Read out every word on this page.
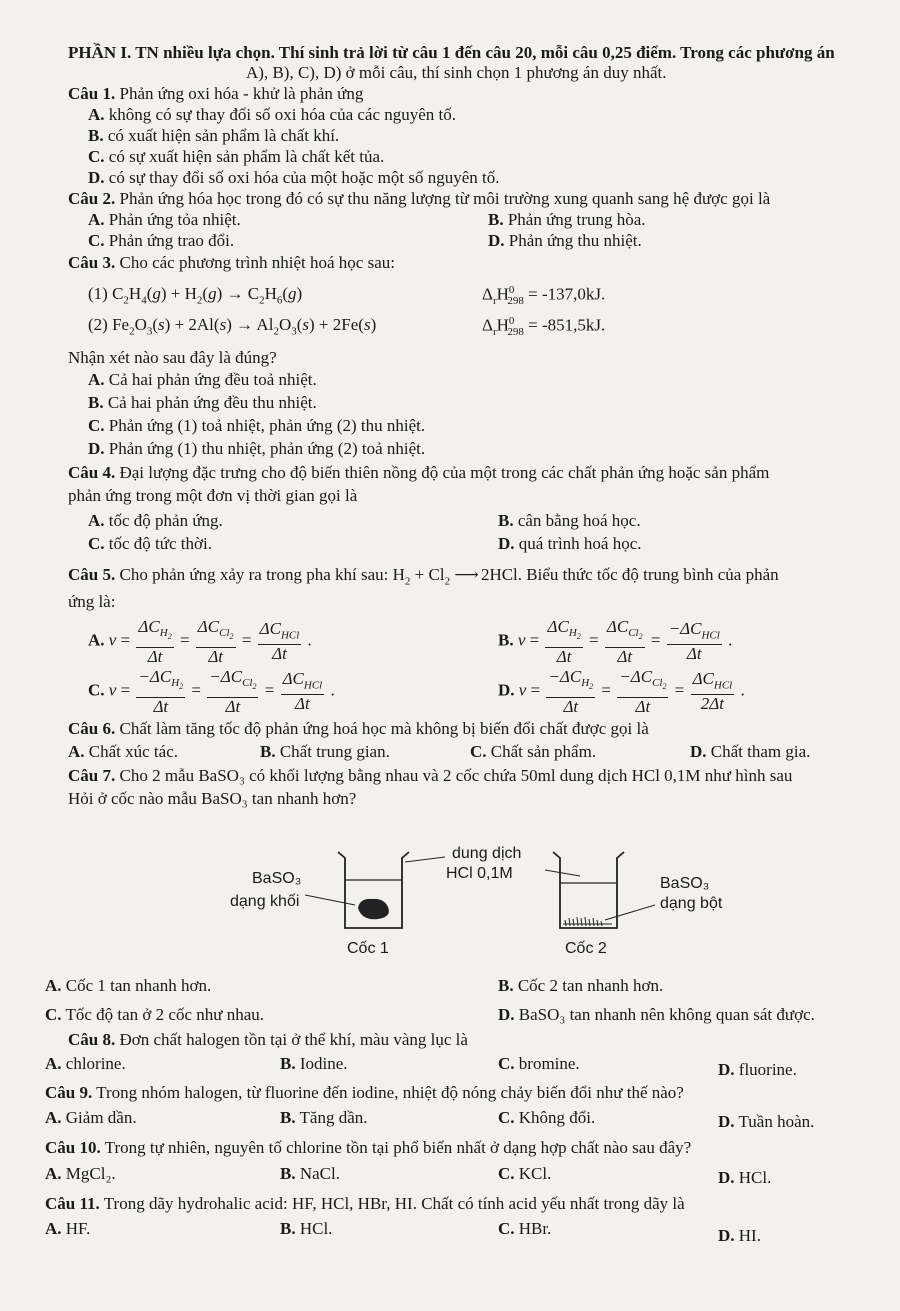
PHẦN I. TN nhiều lựa chọn. Thí sinh trả lời từ câu 1 đến câu 20, mỗi câu 0,25 điểm. Trong các phương án
A), B), C), D) ở mỗi câu, thí sinh chọn 1 phương án duy nhất.
Câu 1. Phản ứng oxi hóa - khử là phản ứng
A. không có sự thay đổi số oxi hóa của các nguyên tố.
B. có xuất hiện sản phẩm là chất khí.
C. có sự xuất hiện sản phẩm là chất kết tủa.
D. có sự thay đổi số oxi hóa của một hoặc một số nguyên tố.
Câu 2. Phản ứng hóa học trong đó có sự thu năng lượng từ môi trường xung quanh sang hệ được gọi là
A. Phản ứng tỏa nhiệt.	B. Phản ứng trung hòa.
C. Phản ứng trao đổi.	D. Phản ứng thu nhiệt.
Câu 3. Cho các phương trình nhiệt hoá học sau:
(1) $C_2H_4(g) + H_2(g) \to C_2H_6(g)$	$\Delta_rH^0_{298} = -137,0kJ$.
(2) $Fe_2O_3(s) + 2Al(s) \to Al_2O_3(s) + 2Fe(s)$	$\Delta_rH^0_{298} = -851,5kJ$.
Nhận xét nào sau đây là đúng?
A. Cả hai phản ứng đều toả nhiệt.
B. Cả hai phản ứng đều thu nhiệt.
C. Phản ứng (1) toả nhiệt, phản ứng (2) thu nhiệt.
D. Phản ứng (1) thu nhiệt, phản ứng (2) toả nhiệt.
Câu 4. Đại lượng đặc trưng cho độ biến thiên nồng độ của một trong các chất phản ứng hoặc sản phẩm
phản ứng trong một đơn vị thời gian gọi là
A. tốc độ phản ứng.	B. cân bằng hoá học.
C. tốc độ tức thời.	D. quá trình hoá học.
Câu 5. Cho phản ứng xảy ra trong pha khí sau: $H_2 + Cl_2$ ⟶ 2HCl. Biểu thức tốc độ trung bình của phản
ứng là:
A. $v = \frac{\Delta C_{H_2}}{\Delta t} = \frac{\Delta C_{Cl_2}}{\Delta t} = \frac{\Delta C_{HCl}}{\Delta t}$ .	B. $v = \frac{\Delta C_{H_2}}{\Delta t} = \frac{\Delta C_{Cl_2}}{\Delta t} = \frac{-\Delta C_{HCl}}{\Delta t}$ .
C. $v = \frac{-\Delta C_{H_2}}{\Delta t} = \frac{-\Delta C_{Cl_2}}{\Delta t} = \frac{\Delta C_{HCl}}{\Delta t}$ .	D. $v = \frac{-\Delta C_{H_2}}{\Delta t} = \frac{-\Delta C_{Cl_2}}{\Delta t} = \frac{\Delta C_{HCl}}{2\Delta t}$ .
Câu 6. Chất làm tăng tốc độ phản ứng hoá học mà không bị biến đổi chất được gọi là
A. Chất xúc tác.	B. Chất trung gian.	C. Chất sản phẩm.	D. Chất tham gia.
Câu 7. Cho 2 mẫu BaSO₃ có khối lượng bằng nhau và 2 cốc chứa 50ml dung dịch HCl 0,1M như hình sau
Hỏi ở cốc nào mẫu BaSO₃ tan nhanh hơn?
BaSO₃
dạng khối
dung dịch
HCl 0,1M
BaSO₃
dạng bột
Cốc 1	Cốc 2
A. Cốc 1 tan nhanh hơn.	B. Cốc 2 tan nhanh hơn.
C. Tốc độ tan ở 2 cốc như nhau.	D. BaSO₃ tan nhanh nên không quan sát được.
Câu 8. Đơn chất halogen tồn tại ở thể khí, màu vàng lục là
A. chlorine.	B. Iodine.	C. bromine.	D. fluorine.
Câu 9. Trong nhóm halogen, từ fluorine đến iodine, nhiệt độ nóng chảy biến đổi như thế nào?
A. Giảm dần.	B. Tăng dần.	C. Không đổi.	D. Tuần hoàn.
Câu 10. Trong tự nhiên, nguyên tố chlorine tồn tại phổ biến nhất ở dạng hợp chất nào sau đây?
A. MgCl₂.	B. NaCl.	C. KCl.	D. HCl.
Câu 11. Trong dãy hydrohalic acid: HF, HCl, HBr, HI. Chất có tính acid yếu nhất trong dãy là
A. HF.	B. HCl.	C. HBr.	D. HI.
